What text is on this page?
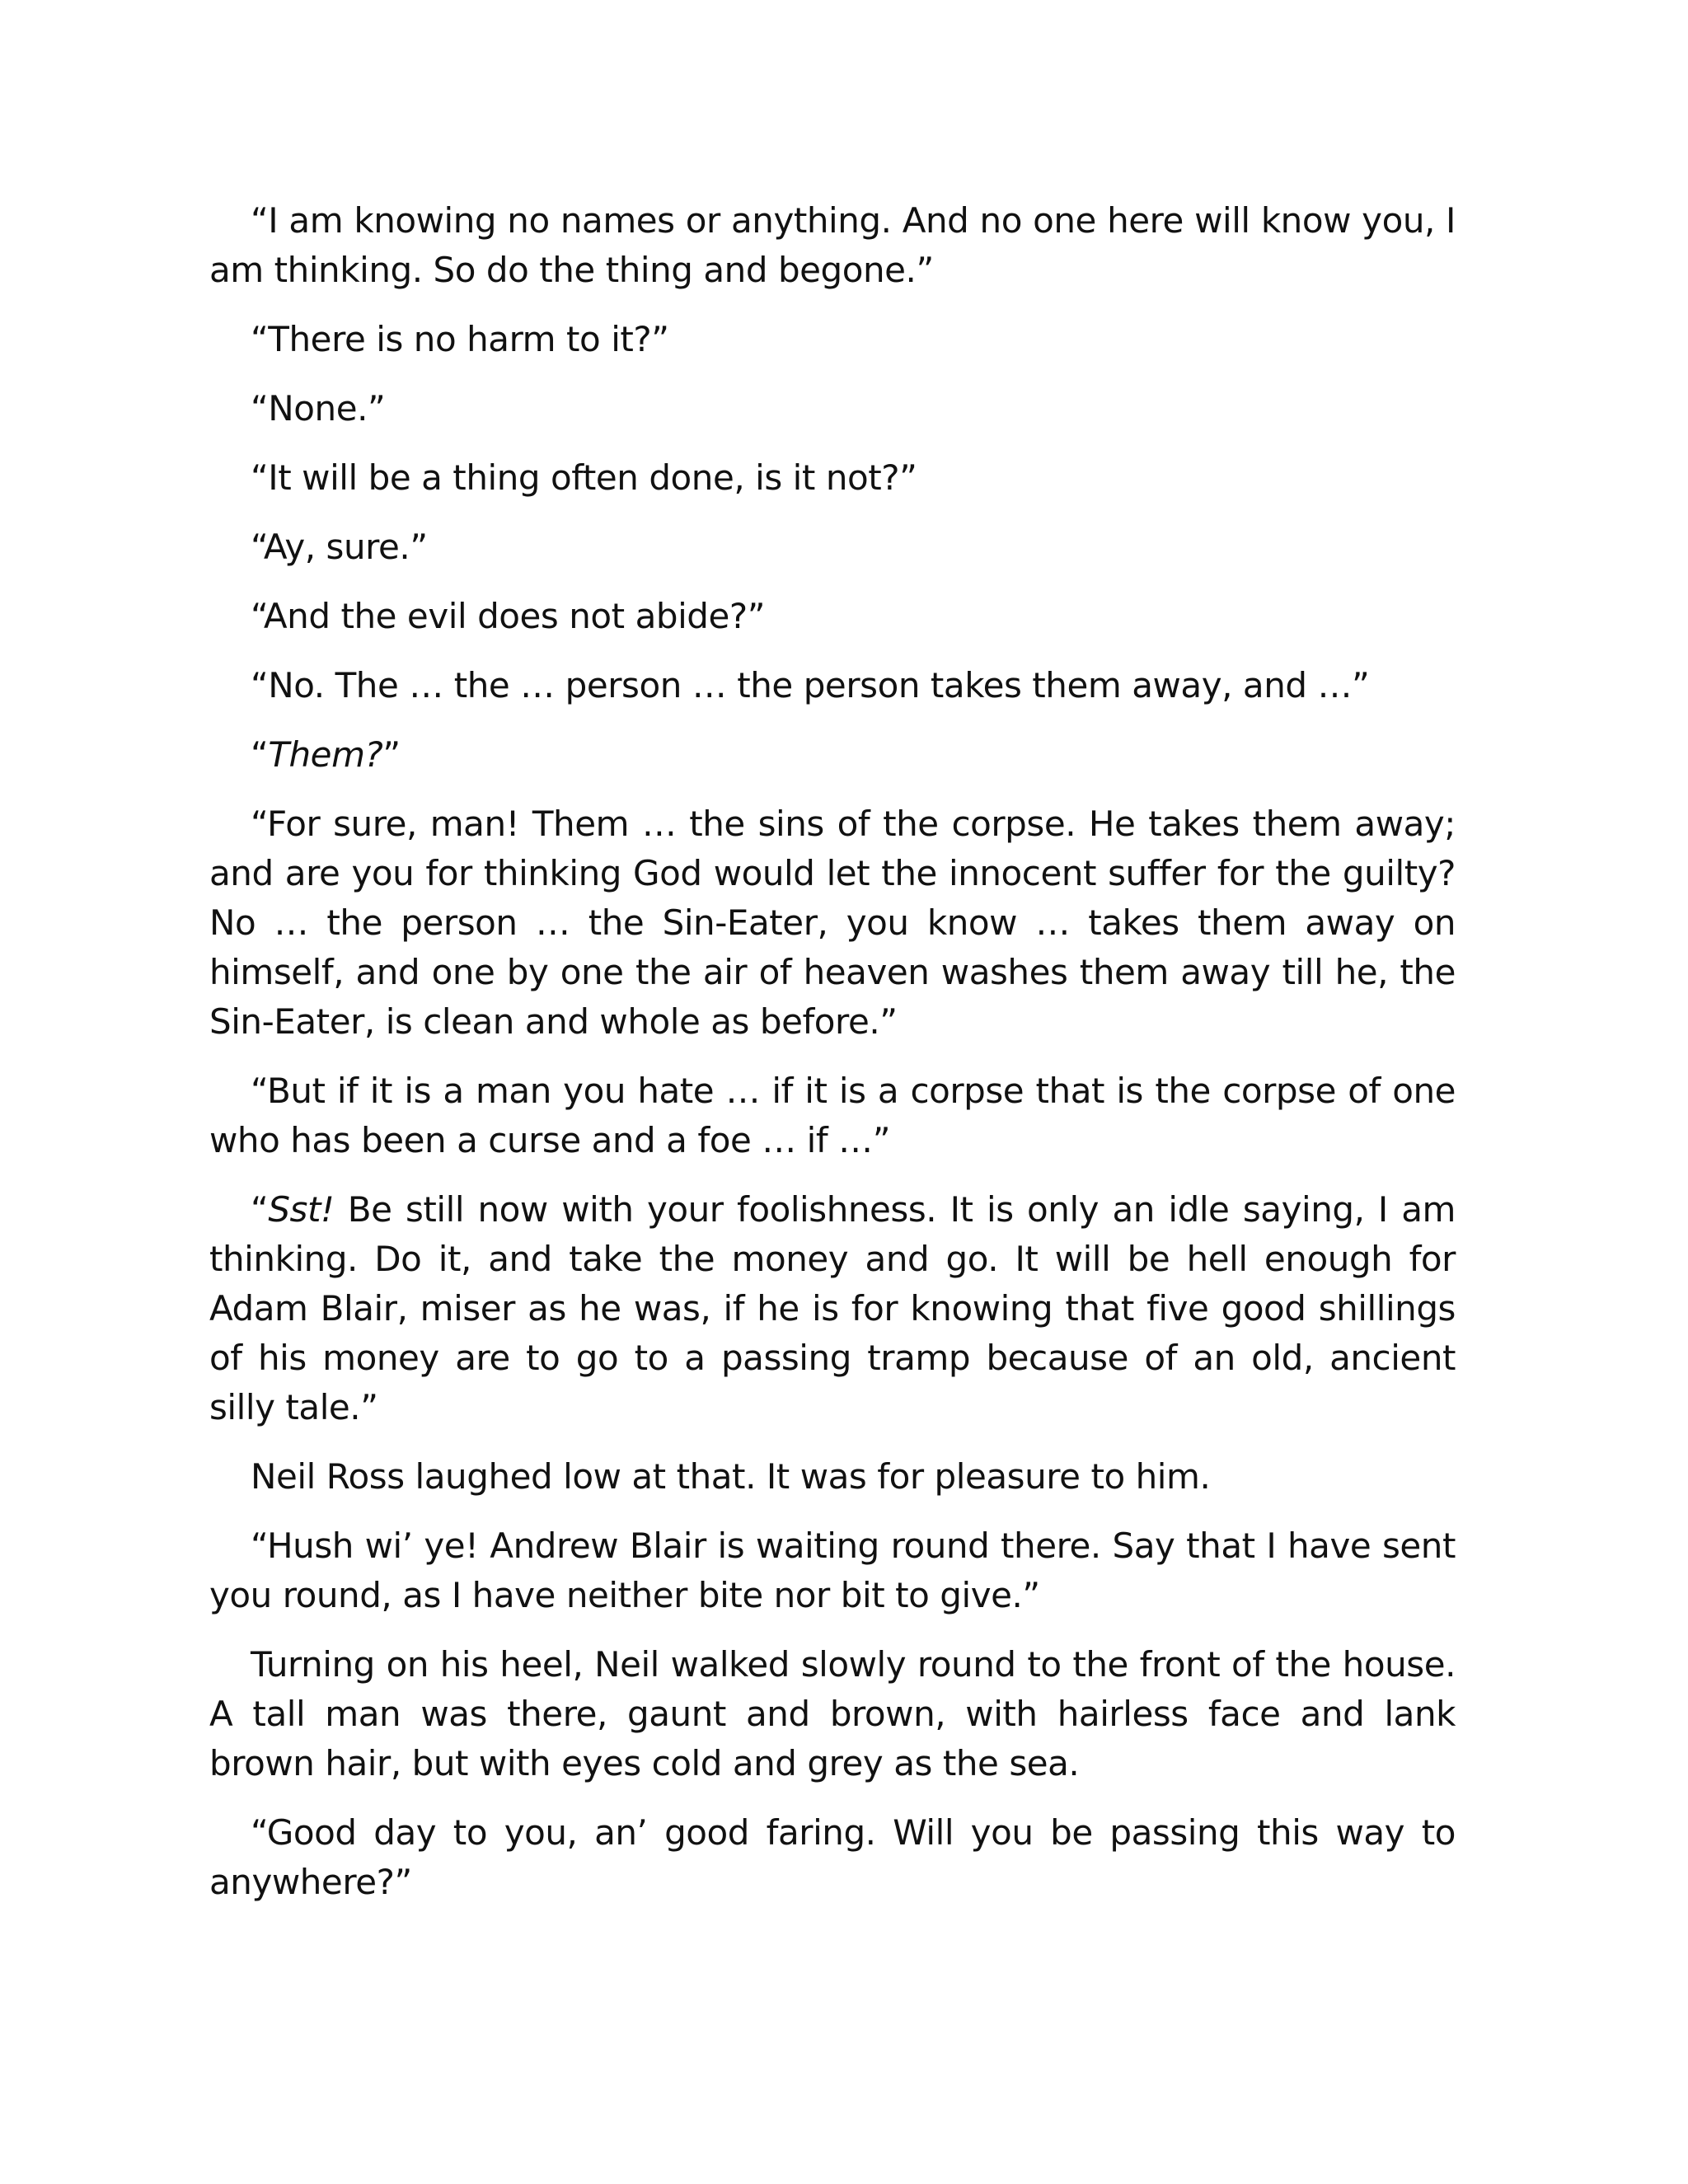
“I am knowing no names or anything. And no one here will know you, I am thinking. So do the thing and begone.”

“There is no harm to it?”

“None.”

“It will be a thing often done, is it not?”

“Ay, sure.”

“And the evil does not abide?”

“No. The … the … person … the person takes them away, and …”

“Them?”

“For sure, man! Them … the sins of the corpse. He takes them away; and are you for thinking God would let the innocent suffer for the guilty? No … the person … the Sin-Eater, you know … takes them away on himself, and one by one the air of heaven washes them away till he, the Sin-Eater, is clean and whole as before.”

“But if it is a man you hate … if it is a corpse that is the corpse of one who has been a curse and a foe … if …”

“Sst! Be still now with your foolishness. It is only an idle saying, I am thinking. Do it, and take the money and go. It will be hell enough for Adam Blair, miser as he was, if he is for knowing that five good shillings of his money are to go to a passing tramp because of an old, ancient silly tale.”

Neil Ross laughed low at that. It was for pleasure to him.

“Hush wi’ ye! Andrew Blair is waiting round there. Say that I have sent you round, as I have neither bite nor bit to give.”

Turning on his heel, Neil walked slowly round to the front of the house. A tall man was there, gaunt and brown, with hairless face and lank brown hair, but with eyes cold and grey as the sea.

“Good day to you, an’ good faring. Will you be passing this way to anywhere?”
